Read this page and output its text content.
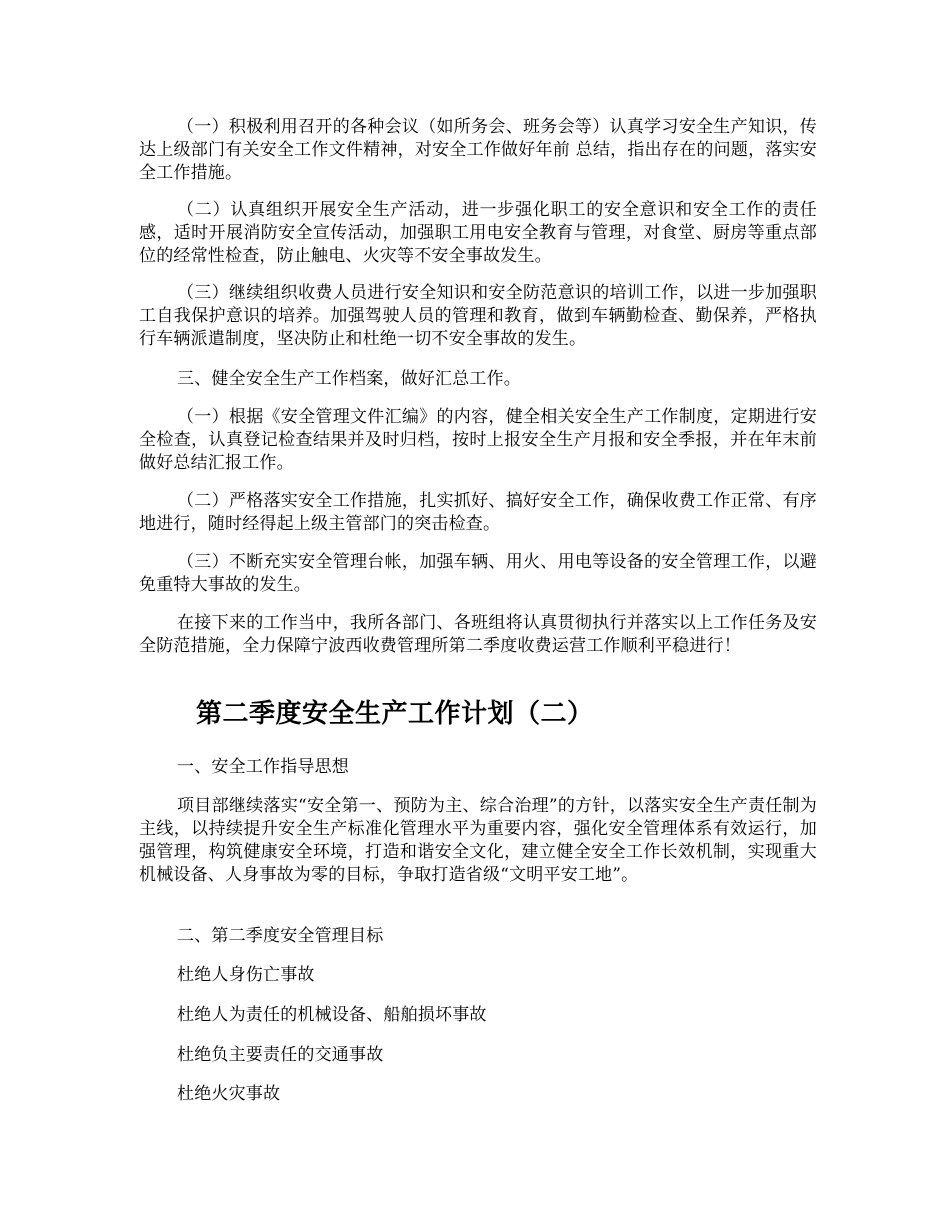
（一）积极利用召开的各种会议（如所务会、班务会等）认真学习安全生产知识，传达上级部门有关安全工作文件精神，对安全工作做好年前 总结，指出存在的问题，落实安全工作措施。

（二）认真组织开展安全生产活动，进一步强化职工的安全意识和安全工作的责任感，适时开展消防安全宣传活动，加强职工用电安全教育与管理，对食堂、厨房等重点部位的经常性检查，防止触电、火灾等不安全事故发生。

（三）继续组织收费人员进行安全知识和安全防范意识的培训工作，以进一步加强职工自我保护意识的培养。加强驾驶人员的管理和教育，做到车辆勤检查、勤保养，严格执行车辆派遣制度，坚决防止和杜绝一切不安全事故的发生。

三、健全安全生产工作档案，做好汇总工作。

（一）根据《安全管理文件汇编》的内容，健全相关安全生产工作制度，定期进行安全检查，认真登记检查结果并及时归档，按时上报安全生产月报和安全季报，并在年末前做好总结汇报工作。

（二）严格落实安全工作措施，扎实抓好、搞好安全工作，确保收费工作正常、有序地进行，随时经得起上级主管部门的突击检查。

（三）不断充实安全管理台帐，加强车辆、用火、用电等设备的安全管理工作，以避免重特大事故的发生。

在接下来的工作当中，我所各部门、各班组将认真贯彻执行并落实以上工作任务及安全防范措施，全力保障宁波西收费管理所第二季度收费运营工作顺利平稳进行！

第二季度安全生产工作计划（二）

一、安全工作指导思想

项目部继续落实“安全第一、预防为主、综合治理”的方针，以落实安全生产责任制为主线，以持续提升安全生产标准化管理水平为重要内容，强化安全管理体系有效运行，加强管理，构筑健康安全环境，打造和谐安全文化，建立健全安全工作长效机制，实现重大机械设备、人身事故为零的目标，争取打造省级“文明平安工地”。

二、第二季度安全管理目标

杜绝人身伤亡事故

杜绝人为责任的机械设备、船舶损坏事故

杜绝负主要责任的交通事故

杜绝火灾事故
